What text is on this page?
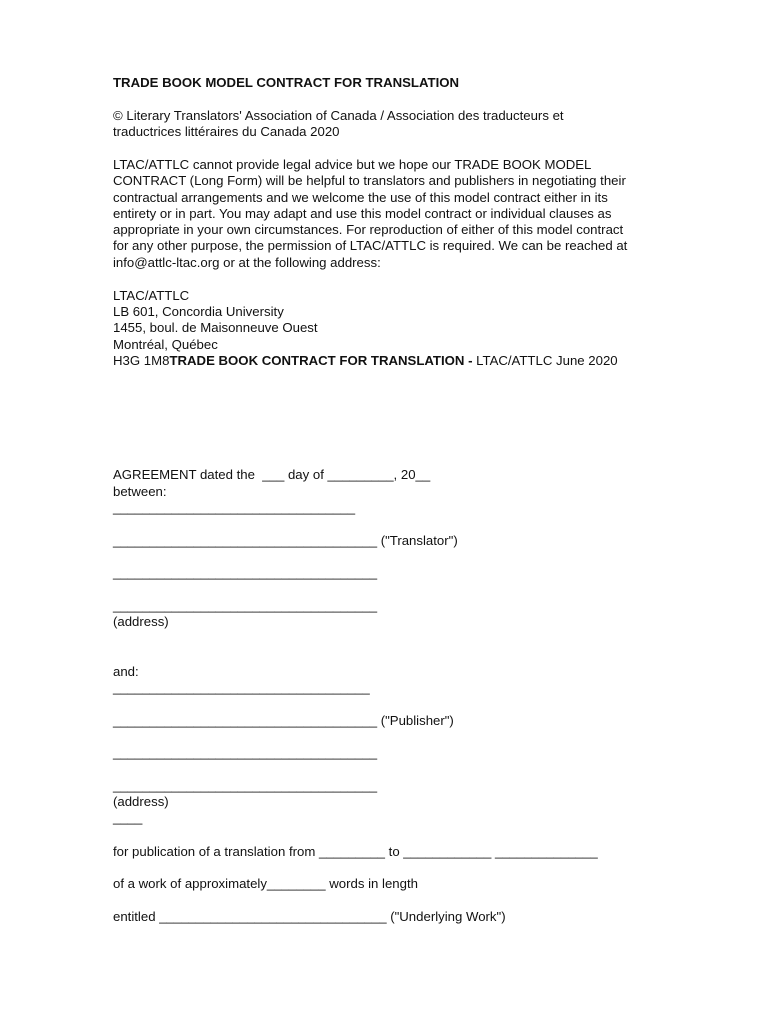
TRADE BOOK MODEL CONTRACT FOR TRANSLATION
© Literary Translators' Association of Canada / Association des traducteurs et
traductrices littéraires du Canada 2020
LTAC/ATTLC cannot provide legal advice but we hope our TRADE BOOK MODEL
CONTRACT (Long Form) will be helpful to translators and publishers in negotiating their
contractual arrangements and we welcome the use of this model contract either in its
entirety or in part. You may adapt and use this model contract or individual clauses as
appropriate in your own circumstances. For reproduction of either of this model contract
for any other purpose, the permission of LTAC/ATTLC is required. We can be reached at
info@attlc-ltac.org or at the following address:
LTAC/ATTLC
LB 601, Concordia University
1455, boul. de Maisonneuve Ouest
Montréal, Québec
H3G 1M8TRADE BOOK CONTRACT FOR TRANSLATION - LTAC/ATTLC June 2020
AGREEMENT dated the  ___ day of _________, 20__
between:
_________________________________
____________________________________ ("Translator")
____________________________________
____________________________________
(address)
and:
___________________________________
____________________________________ ("Publisher")
____________________________________
____________________________________
(address)
____
for publication of a translation from _________ to ____________ ______________
of a work of approximately________ words in length
entitled _______________________________ ("Underlying Work")
